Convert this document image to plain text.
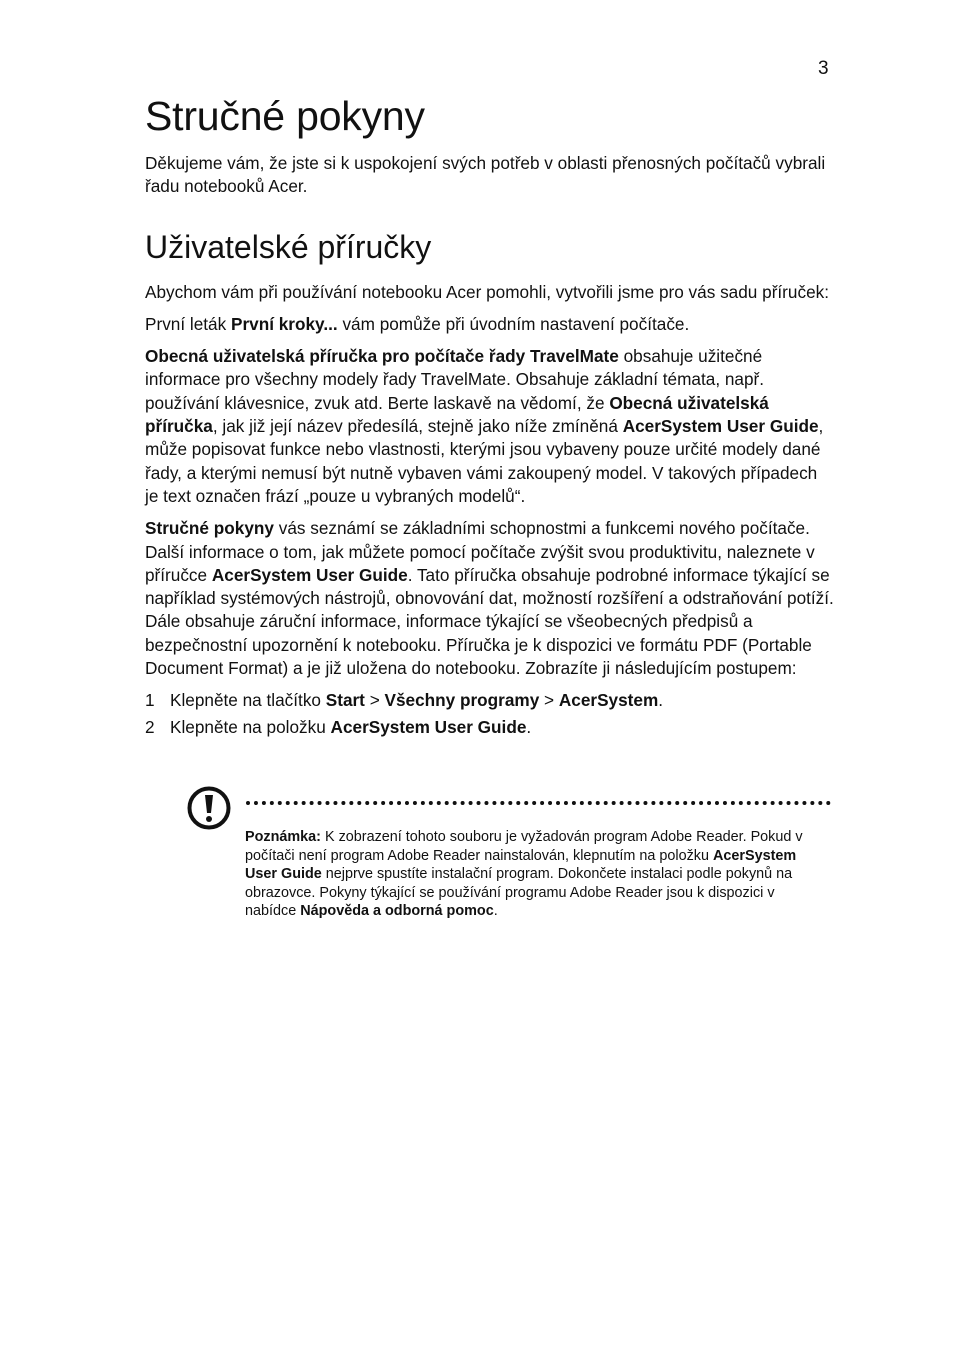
3
Stručné pokyny

Děkujeme vám, že jste si k uspokojení svých potřeb v oblasti přenosných počítačů vybrali řadu notebooků Acer.

Uživatelské příručky

Abychom vám při používání notebooku Acer pomohli, vytvořili jsme pro vás sadu příruček:

První leták První kroky... vám pomůže při úvodním nastavení počítače.

Obecná uživatelská příručka pro počítače řady TravelMate obsahuje užitečné informace pro všechny modely řady TravelMate. Obsahuje základní témata, např. používání klávesnice, zvuk atd. Berte laskavě na vědomí, že Obecná uživatelská příručka, jak již její název předesílá, stejně jako níže zmíněná AcerSystem User Guide, může popisovat funkce nebo vlastnosti, kterými jsou vybaveny pouze určité modely dané řady, a kterými nemusí být nutně vybaven vámi zakoupený model. V takových případech je text označen frází „pouze u vybraných modelů“.

Stručné pokyny vás seznámí se základními schopnostmi a funkcemi nového počítače. Další informace o tom, jak můžete pomocí počítače zvýšit svou produktivitu, naleznete v příručce AcerSystem User Guide. Tato příručka obsahuje podrobné informace týkající se například systémových nástrojů, obnovování dat, možností rozšíření a odstraňování potíží. Dále obsahuje záruční informace, informace týkající se všeobecných předpisů a bezpečnostní upozornění k notebooku. Příručka je k dispozici ve formátu PDF (Portable Document Format) a je již uložena do notebooku. Zobrazíte ji následujícím postupem:

1 Klepněte na tlačítko Start > Všechny programy > AcerSystem.
2 Klepněte na položku AcerSystem User Guide.

Poznámka: K zobrazení tohoto souboru je vyžadován program Adobe Reader. Pokud v počítači není program Adobe Reader nainstalován, klepnutím na položku AcerSystem User Guide nejprve spustíte instalační program. Dokončete instalaci podle pokynů na obrazovce. Pokyny týkající se používání programu Adobe Reader jsou k dispozici v nabídce Nápověda a odborná pomoc.
